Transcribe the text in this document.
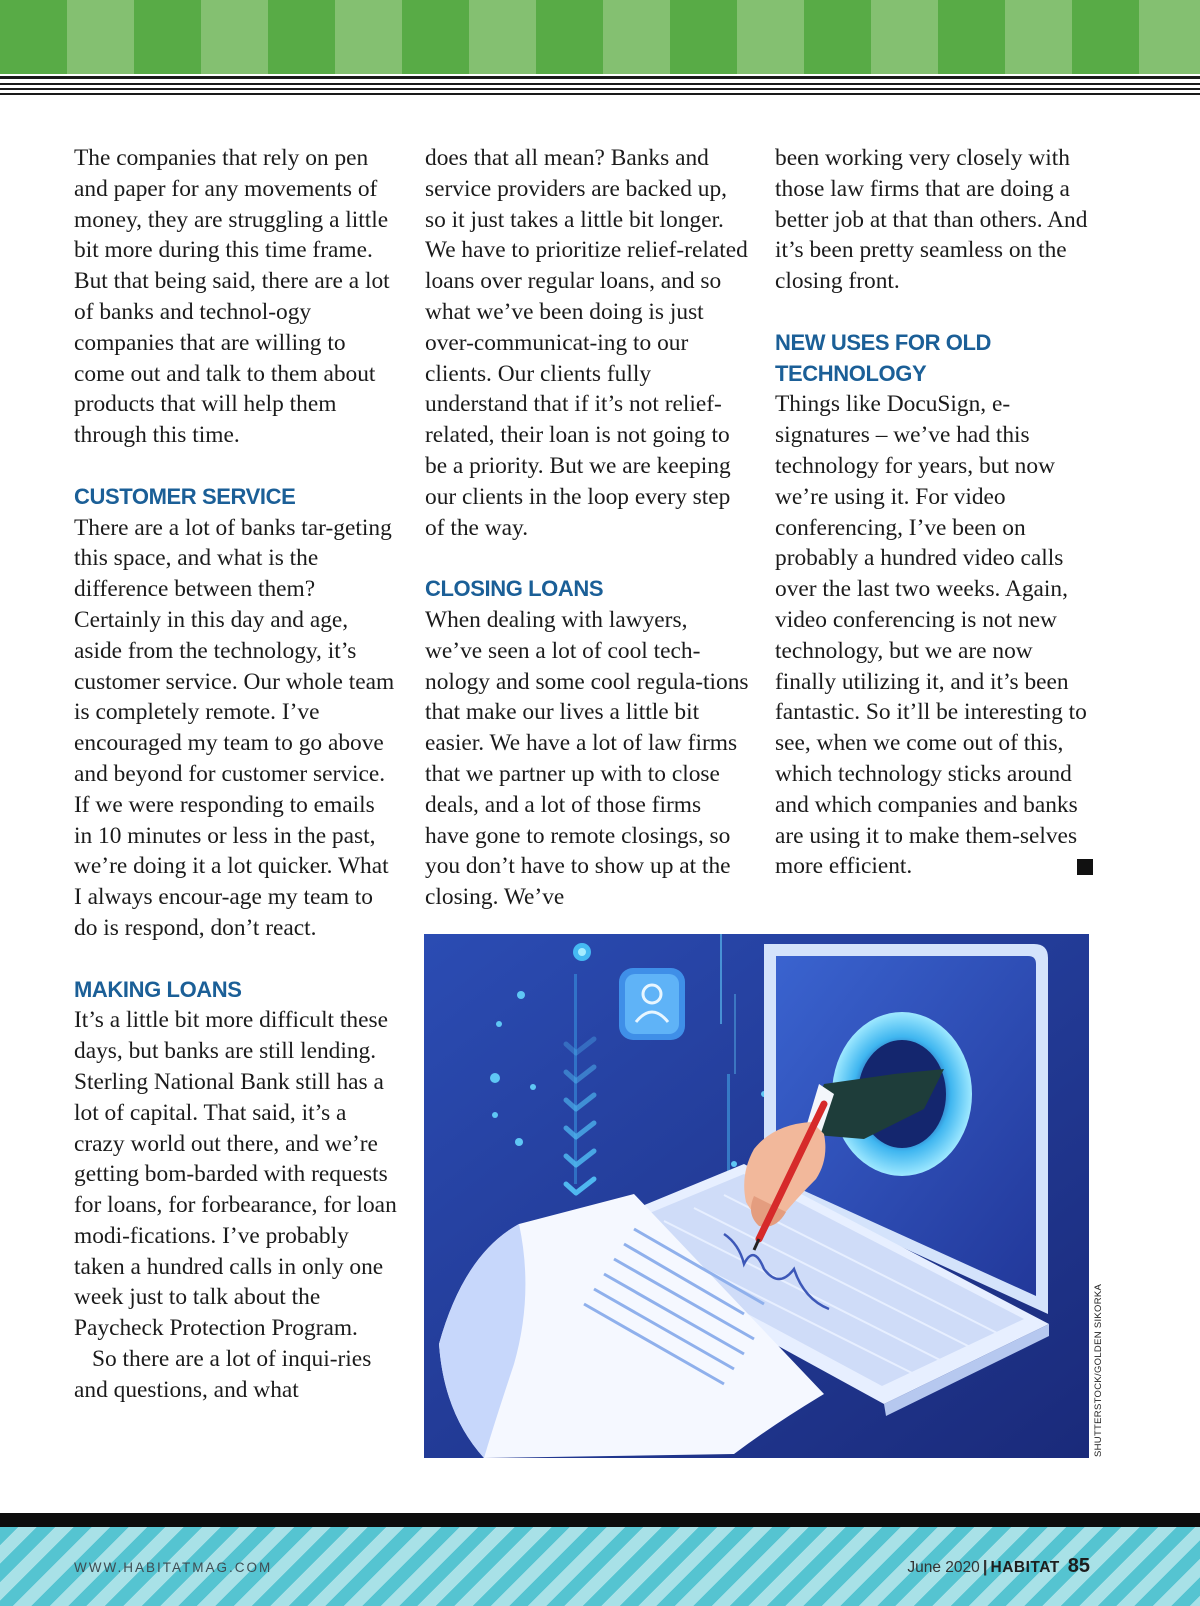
The companies that rely on pen and paper for any movements of money, they are struggling a little bit more during this time frame. But that being said, there are a lot of banks and technol-ogy companies that are willing to come out and talk to them about products that will help them through this time.

CUSTOMER SERVICE

There are a lot of banks tar-geting this space, and what is the difference between them? Certainly in this day and age, aside from the technology, it’s customer service. Our whole team is completely remote. I’ve encouraged my team to go above and beyond for customer service. If we were responding to emails in 10 minutes or less in the past, we’re doing it a lot quicker. What I always encour-age my team to do is respond, don’t react.

MAKING LOANS

It’s a little bit more difficult these days, but banks are still lending. Sterling National Bank still has a lot of capital. That said, it’s a crazy world out there, and we’re getting bom-barded with requests for loans, for forbearance, for loan modi-fications. I’ve probably taken a hundred calls in only one week just to talk about the Paycheck Protection Program.

So there are a lot of inqui-ries and questions, and what

does that all mean? Banks and service providers are backed up, so it just takes a little bit longer. We have to prioritize relief-related loans over regular loans, and so what we’ve been doing is just over-communicat-ing to our clients. Our clients fully understand that if it’s not relief-related, their loan is not going to be a priority. But we are keeping our clients in the loop every step of the way.

CLOSING LOANS

When dealing with lawyers, we’ve seen a lot of cool tech-nology and some cool regula-tions that make our lives a little bit easier. We have a lot of law firms that we partner up with to close deals, and a lot of those firms have gone to remote closings, so you don’t have to show up at the closing. We’ve

been working very closely with those law firms that are doing a better job at that than others. And it’s been pretty seamless on the closing front.

NEW USES FOR OLD TECHNOLOGY

Things like DocuSign, e-signatures – we’ve had this technology for years, but now we’re using it. For video conferencing, I’ve been on probably a hundred video calls over the last two weeks. Again, video conferencing is not new technology, but we are now finally utilizing it, and it’s been fantastic. So it’ll be interesting to see, when we come out of this, which technology sticks around and which companies and banks are using it to make them-selves more efficient.

SHUTTERSTOCK/GOLDEN SIKORKA
WWW.HABITATMAG.COM	June 2020 | HABITAT 85
